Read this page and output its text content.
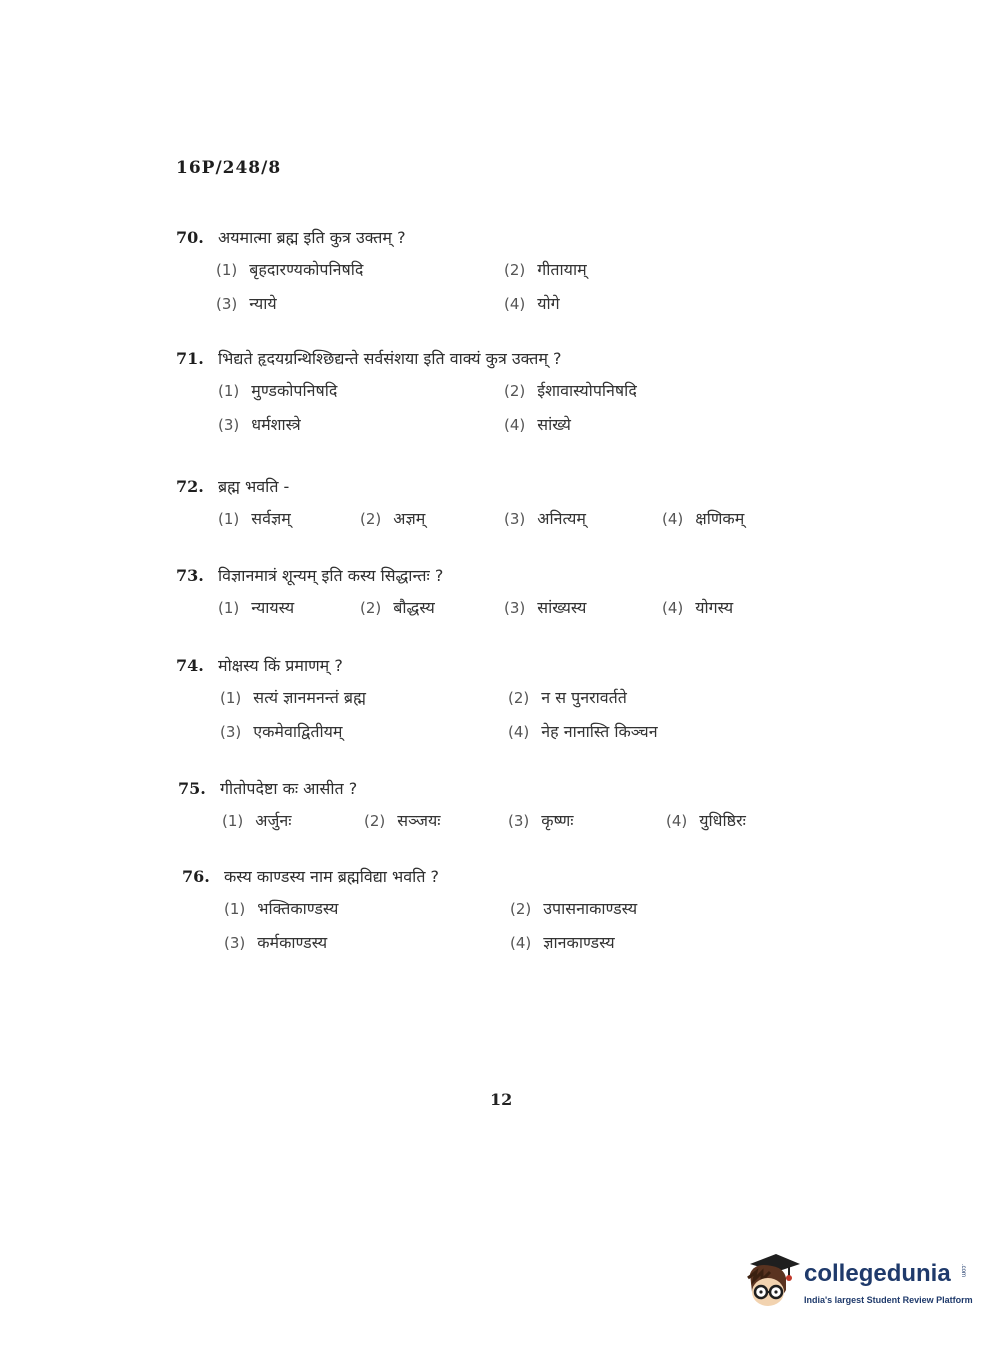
16P/248/8
70. अयमात्मा ब्रह्म इति कुत्र उक्तम् ?
(1) बृहदारण्यकोपनिषदि	(2) गीतायाम्
(3) न्याये	(4) योगे
71. भिद्यते हृदयग्रन्थिश्छिद्यन्ते सर्वसंशया इति वाक्यं कुत्र उक्तम् ?
(1) मुण्डकोपनिषदि	(2) ईशावास्योपनिषदि
(3) धर्मशास्त्रे	(4) सांख्ये
72. ब्रह्म भवति -
(1) सर्वज्ञम्	(2) अज्ञम्	(3) अनित्यम्	(4) क्षणिकम्
73. विज्ञानमात्रं शून्यम् इति कस्य सिद्धान्तः ?
(1) न्यायस्य	(2) बौद्धस्य	(3) सांख्यस्य	(4) योगस्य
74. मोक्षस्य किं प्रमाणम् ?
(1) सत्यं ज्ञानमनन्तं ब्रह्म	(2) न स पुनरावर्तते
(3) एकमेवाद्वितीयम्	(4) नेह नानास्ति किञ्चन
75. गीतोपदेष्टा कः आसीत ?
(1) अर्जुनः	(2) सञ्जयः	(3) कृष्णः	(4) युधिष्ठिरः
76. कस्य काण्डस्य नाम ब्रह्मविद्या भवति ?
(1) भक्तिकाण्डस्य	(2) उपासनाकाण्डस्य
(3) कर्मकाण्डस्य	(4) ज्ञानकाण्डस्य
12
collegedunia .com
India's largest Student Review Platform
